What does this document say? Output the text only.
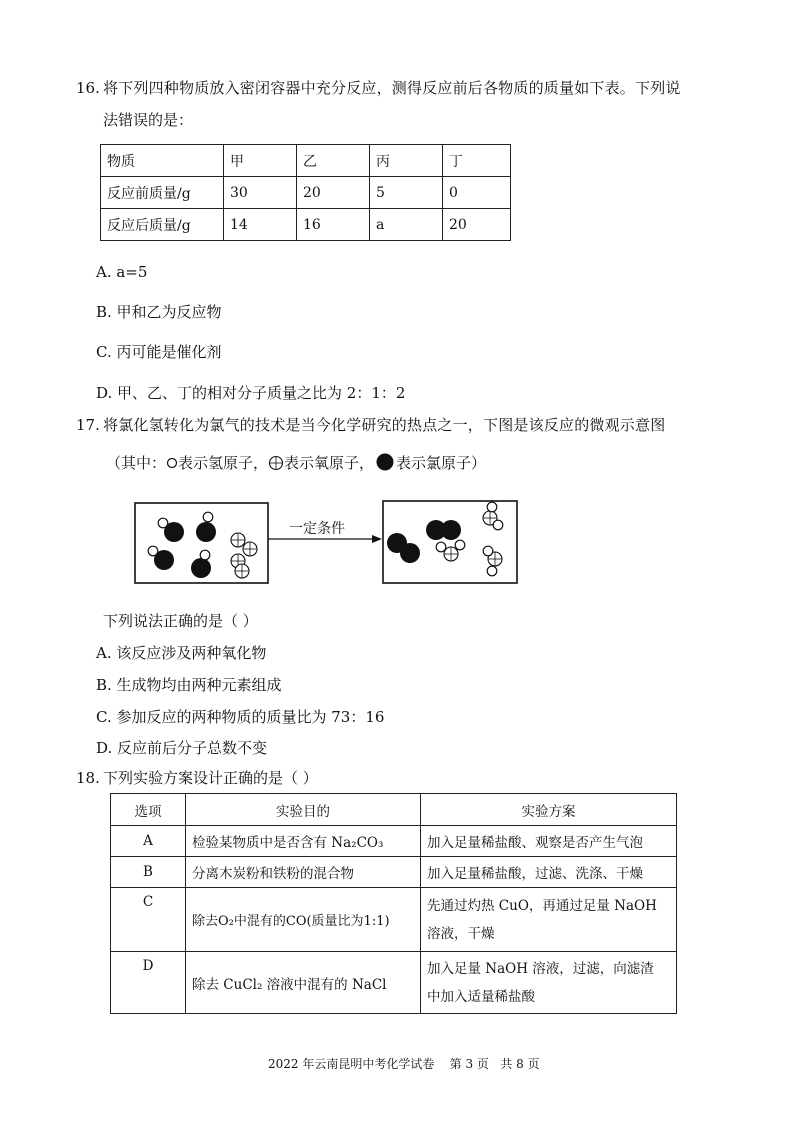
16. 将下列四种物质放入密闭容器中充分反应，测得反应前后各物质的质量如下表。下列说
法错误的是：
物质	甲	乙	丙	丁
反应前质量/g	30	20	5	0
反应后质量/g	14	16	a	20
A. a=5
B. 甲和乙为反应物
C. 丙可能是催化剂
D. 甲、乙、丁的相对分子质量之比为 2：1：2
17. 将氯化氢转化为氯气的技术是当今化学研究的热点之一，下图是该反应的微观示意图
（其中： 表示氢原子， 表示氧原子， 表示氯原子）
一定条件
下列说法正确的是（ ）
A. 该反应涉及两种氧化物
B. 生成物均由两种元素组成
C. 参加反应的两种物质的质量比为 73：16
D. 反应前后分子总数不变
18. 下列实验方案设计正确的是（ ）
选项	实验目的	实验方案
A	检验某物质中是否含有 Na₂CO₃	加入足量稀盐酸、观察是否产生气泡
B	分离木炭粉和铁粉的混合物	加入足量稀盐酸，过滤、洗涤、干燥
C	除去O₂中混有的CO(质量比为1:1)	先通过灼热 CuO，再通过足量 NaOH
溶液，干燥

D	除去 CuCl₂ 溶液中混有的 NaCl	加入足量 NaOH 溶液，过滤，向滤渣
中加入适量稀盐酸
2022 年云南昆明中考化学试卷 第 3 页 共 8 页
